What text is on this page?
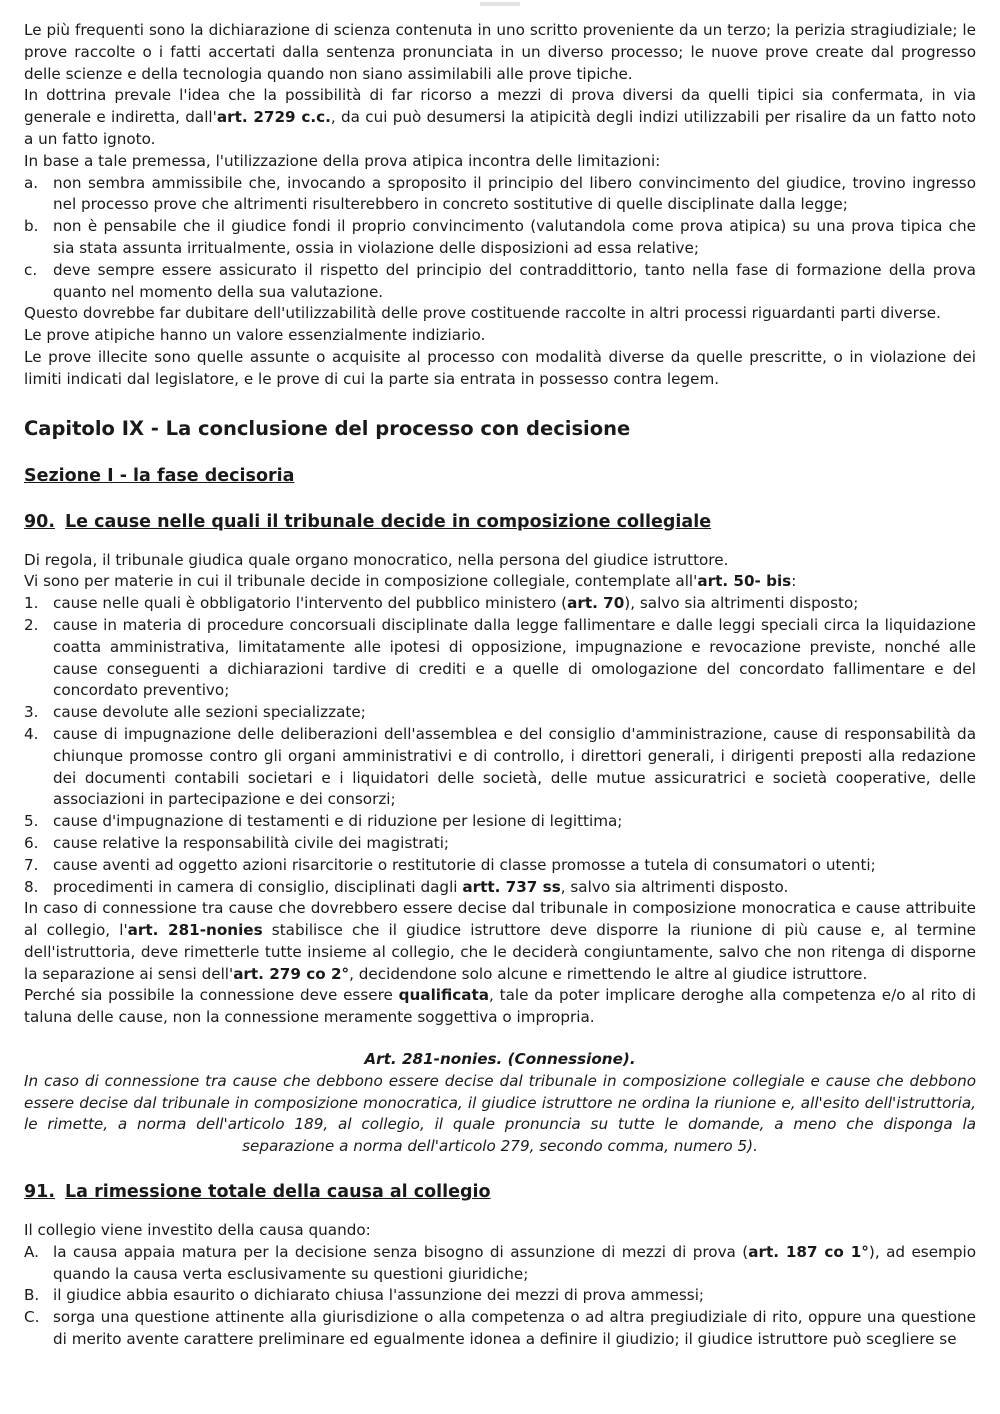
Le più frequenti sono la dichiarazione di scienza contenuta in uno scritto proveniente da un terzo; la perizia stragiudiziale; le prove raccolte o i fatti accertati dalla sentenza pronunciata in un diverso processo; le nuove prove create dal progresso delle scienze e della tecnologia quando non siano assimilabili alle prove tipiche.

In dottrina prevale l'idea che la possibilità di far ricorso a mezzi di prova diversi da quelli tipici sia confermata, in via generale e indiretta, dall'art. 2729 c.c., da cui può desumersi la atipicità degli indizi utilizzabili per risalire da un fatto noto a un fatto ignoto.

In base a tale premessa, l'utilizzazione della prova atipica incontra delle limitazioni:

a. non sembra ammissibile che, invocando a sproposito il principio del libero convincimento del giudice, trovino ingresso nel processo prove che altrimenti risulterebbero in concreto sostitutive di quelle disciplinate dalla legge;
b. non è pensabile che il giudice fondi il proprio convincimento (valutandola come prova atipica) su una prova tipica che sia stata assunta irritualmente, ossia in violazione delle disposizioni ad essa relative;
c. deve sempre essere assicurato il rispetto del principio del contraddittorio, tanto nella fase di formazione della prova quanto nel momento della sua valutazione.

Questo dovrebbe far dubitare dell'utilizzabilità delle prove costituende raccolte in altri processi riguardanti parti diverse.

Le prove atipiche hanno un valore essenzialmente indiziario.

Le prove illecite sono quelle assunte o acquisite al processo con modalità diverse da quelle prescritte, o in violazione dei limiti indicati dal legislatore, e le prove di cui la parte sia entrata in possesso contra legem.

Capitolo IX - La conclusione del processo con decisione
Sezione I - la fase decisoria
90. Le cause nelle quali il tribunale decide in composizione collegiale

Di regola, il tribunale giudica quale organo monocratico, nella persona del giudice istruttore.

Vi sono per materie in cui il tribunale decide in composizione collegiale, contemplate all'art. 50- bis:

1. cause nelle quali è obbligatorio l'intervento del pubblico ministero (art. 70), salvo sia altrimenti disposto;
2. cause in materia di procedure concorsuali disciplinate dalla legge fallimentare e dalle leggi speciali circa la liquidazione coatta amministrativa, limitatamente alle ipotesi di opposizione, impugnazione e revocazione previste, nonché alle cause conseguenti a dichiarazioni tardive di crediti e a quelle di omologazione del concordato fallimentare e del concordato preventivo;
3. cause devolute alle sezioni specializzate;
4. cause di impugnazione delle deliberazioni dell'assemblea e del consiglio d'amministrazione, cause di responsabilità da chiunque promosse contro gli organi amministrativi e di controllo, i direttori generali, i dirigenti preposti alla redazione dei documenti contabili societari e i liquidatori delle società, delle mutue assicuratrici e società cooperative, delle associazioni in partecipazione e dei consorzi;
5. cause d'impugnazione di testamenti e di riduzione per lesione di legittima;
6. cause relative la responsabilità civile dei magistrati;
7. cause aventi ad oggetto azioni risarcitorie o restitutorie di classe promosse a tutela di consumatori o utenti;
8. procedimenti in camera di consiglio, disciplinati dagli artt. 737 ss, salvo sia altrimenti disposto.

In caso di connessione tra cause che dovrebbero essere decise dal tribunale in composizione monocratica e cause attribuite al collegio, l'art. 281-nonies stabilisce che il giudice istruttore deve disporre la riunione di più cause e, al termine dell'istruttoria, deve rimetterle tutte insieme al collegio, che le deciderà congiuntamente, salvo che non ritenga di disporne la separazione ai sensi dell'art. 279 co 2°, decidendone solo alcune e rimettendo le altre al giudice istruttore.

Perché sia possibile la connessione deve essere qualificata, tale da poter implicare deroghe alla competenza e/o al rito di taluna delle cause, non la connessione meramente soggettiva o impropria.

Art. 281-nonies. (Connessione).

In caso di connessione tra cause che debbono essere decise dal tribunale in composizione collegiale e cause che debbono essere decise dal tribunale in composizione monocratica, il giudice istruttore ne ordina la riunione e, all'esito dell'istruttoria, le rimette, a norma dell'articolo 189, al collegio, il quale pronuncia su tutte le domande, a meno che disponga la separazione a norma dell'articolo 279, secondo comma, numero 5).

91. La rimessione totale della causa al collegio

Il collegio viene investito della causa quando:

A. la causa appaia matura per la decisione senza bisogno di assunzione di mezzi di prova (art. 187 co 1°), ad esempio quando la causa verta esclusivamente su questioni giuridiche;
B. il giudice abbia esaurito o dichiarato chiusa l'assunzione dei mezzi di prova ammessi;
C. sorga una questione attinente alla giurisdizione o alla competenza o ad altra pregiudiziale di rito, oppure una questione di merito avente carattere preliminare ed egualmente idonea a definire il giudizio; il giudice istruttore può scegliere se
